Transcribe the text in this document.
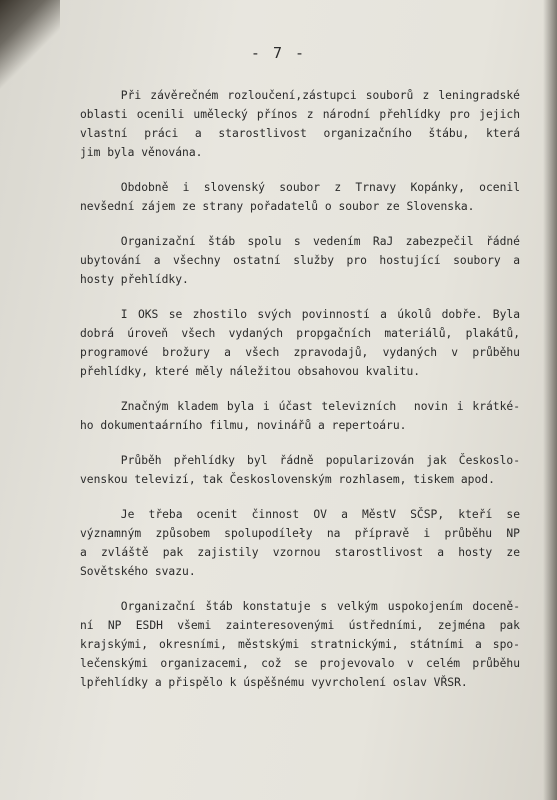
- 7 -

Při závěrečném rozloučení,zástupci souborů z leningradské
oblasti ocenili umělecký přínos z národní přehlídky pro jejich
vlastní práci a starostlivost organizačního štábu, která
jim byla věnována.
Obdobně i slovenský soubor z Trnavy Kopánky, ocenil
nevšední zájem ze strany pořadatelů o soubor ze Slovenska.
Organizační štáb spolu s vedením RaJ zabezpečil řádné
ubytování a všechny ostatní služby pro hostující soubory a
hosty přehlídky.
I OKS se zhostilo svých povinností a úkolů dobře. Byla
dobrá úroveň všech vydaných propgačních materiálů, plakátů,
programové brožury a všech zpravodajů, vydaných v průběhu
přehlídky, které měly náležitou obsahovou kvalitu.
Značným kladem byla i účast televizních  novin i krátké-
ho dokumentaárního filmu, novinářů a repertoáru.
Průběh přehlídky byl řádně popularizován jak Českoslo-
venskou televizí, tak Československým rozhlasem, tiskem apod.
Je třeba ocenit činnost OV a MěstV SČSP, kteří se
významným způsobem spolupodíleły na přípravě i průběhu NP
a zvláště pak zajistily vzornou starostlivost a hosty ze
Sovětského svazu.
Organizační štáb konstatuje s velkým uspokojením doceně-
ní NP ESDH všemi zainteresovenými ústředními, zejména pak
krajskými, okresními, městskými stratnickými, státními a spo-
lečenskými organizacemi, což se projevovalo v celém průběhu
lpřehlídky a přispělo k úspěšnému vyvrcholení oslav VŘSR.
